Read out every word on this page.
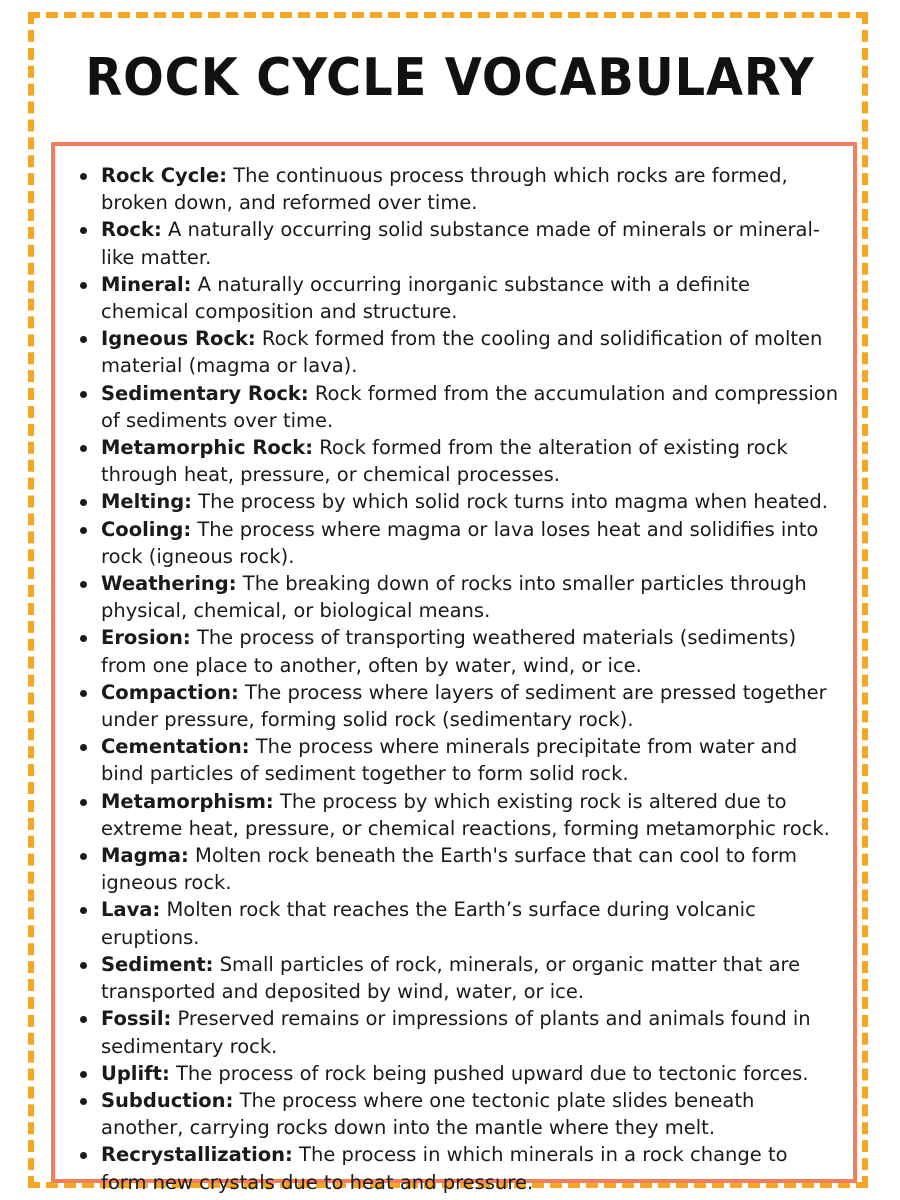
ROCK CYCLE VOCABULARY
Rock Cycle: The continuous process through which rocks are formed, broken down, and reformed over time.
Rock: A naturally occurring solid substance made of minerals or mineral-like matter.
Mineral: A naturally occurring inorganic substance with a definite chemical composition and structure.
Igneous Rock: Rock formed from the cooling and solidification of molten material (magma or lava).
Sedimentary Rock: Rock formed from the accumulation and compression of sediments over time.
Metamorphic Rock: Rock formed from the alteration of existing rock through heat, pressure, or chemical processes.
Melting: The process by which solid rock turns into magma when heated.
Cooling: The process where magma or lava loses heat and solidifies into rock (igneous rock).
Weathering: The breaking down of rocks into smaller particles through physical, chemical, or biological means.
Erosion: The process of transporting weathered materials (sediments) from one place to another, often by water, wind, or ice.
Compaction: The process where layers of sediment are pressed together under pressure, forming solid rock (sedimentary rock).
Cementation: The process where minerals precipitate from water and bind particles of sediment together to form solid rock.
Metamorphism: The process by which existing rock is altered due to extreme heat, pressure, or chemical reactions, forming metamorphic rock.
Magma: Molten rock beneath the Earth's surface that can cool to form igneous rock.
Lava: Molten rock that reaches the Earth’s surface during volcanic eruptions.
Sediment: Small particles of rock, minerals, or organic matter that are transported and deposited by wind, water, or ice.
Fossil: Preserved remains or impressions of plants and animals found in sedimentary rock.
Uplift: The process of rock being pushed upward due to tectonic forces.
Subduction: The process where one tectonic plate slides beneath another, carrying rocks down into the mantle where they melt.
Recrystallization: The process in which minerals in a rock change to form new crystals due to heat and pressure.
